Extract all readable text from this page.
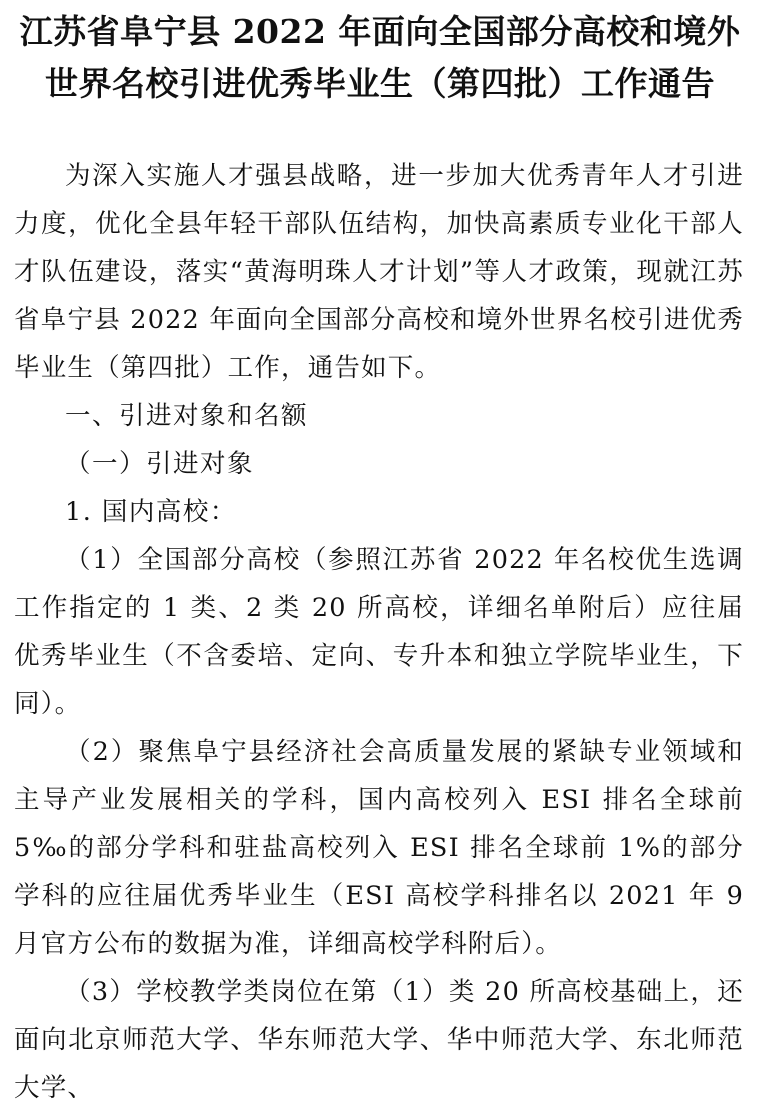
江苏省阜宁县 2022 年面向全国部分高校和境外
世界名校引进优秀毕业生（第四批）工作通告

为深入实施人才强县战略，进一步加大优秀青年人才引进力度，优化全县年轻干部队伍结构，加快高素质专业化干部人才队伍建设，落实“黄海明珠人才计划”等人才政策，现就江苏省阜宁县 2022 年面向全国部分高校和境外世界名校引进优秀毕业生（第四批）工作，通告如下。

一、引进对象和名额

（一）引进对象

1. 国内高校：

（1）全国部分高校（参照江苏省 2022 年名校优生选调工作指定的 1 类、2 类 20 所高校，详细名单附后）应往届优秀毕业生（不含委培、定向、专升本和独立学院毕业生，下同）。

（2）聚焦阜宁县经济社会高质量发展的紧缺专业领域和主导产业发展相关的学科，国内高校列入 ESI 排名全球前 5‰的部分学科和驻盐高校列入 ESI 排名全球前 1%的部分学科的应往届优秀毕业生（ESI 高校学科排名以 2021 年 9 月官方公布的数据为准，详细高校学科附后）。

（3）学校教学类岗位在第（1）类 20 所高校基础上，还面向北京师范大学、华东师范大学、华中师范大学、东北师范大学、
